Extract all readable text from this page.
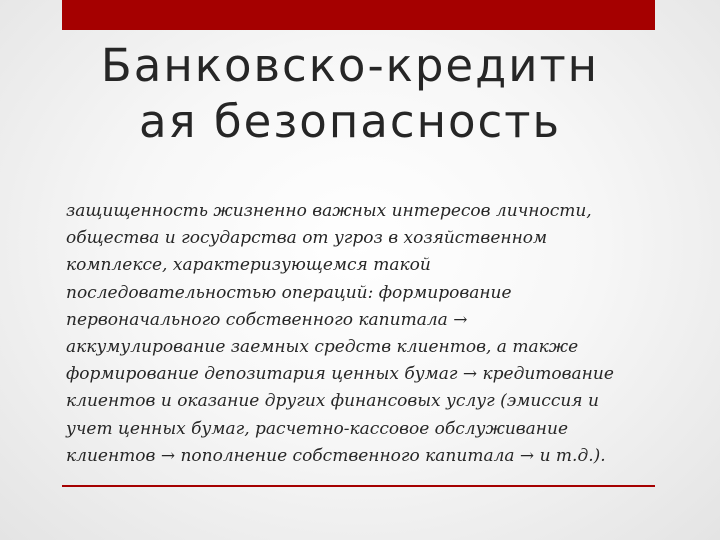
Банковско-кредитн
ая безопасность
защищенность жизненно важных интересов личности,
общества и государства от угроз в хозяйственном
комплексе, характеризующемся такой
последовательностью операций: формирование
первоначального собственного капитала →
аккумулирование заемных средств клиентов, а также
формирование депозитария ценных бумаг → кредитование
клиентов и оказание других финансовых услуг (эмиссия и
учет ценных бумаг, расчетно-кассовое обслуживание
клиентов → пополнение собственного капитала → и т.д.).
